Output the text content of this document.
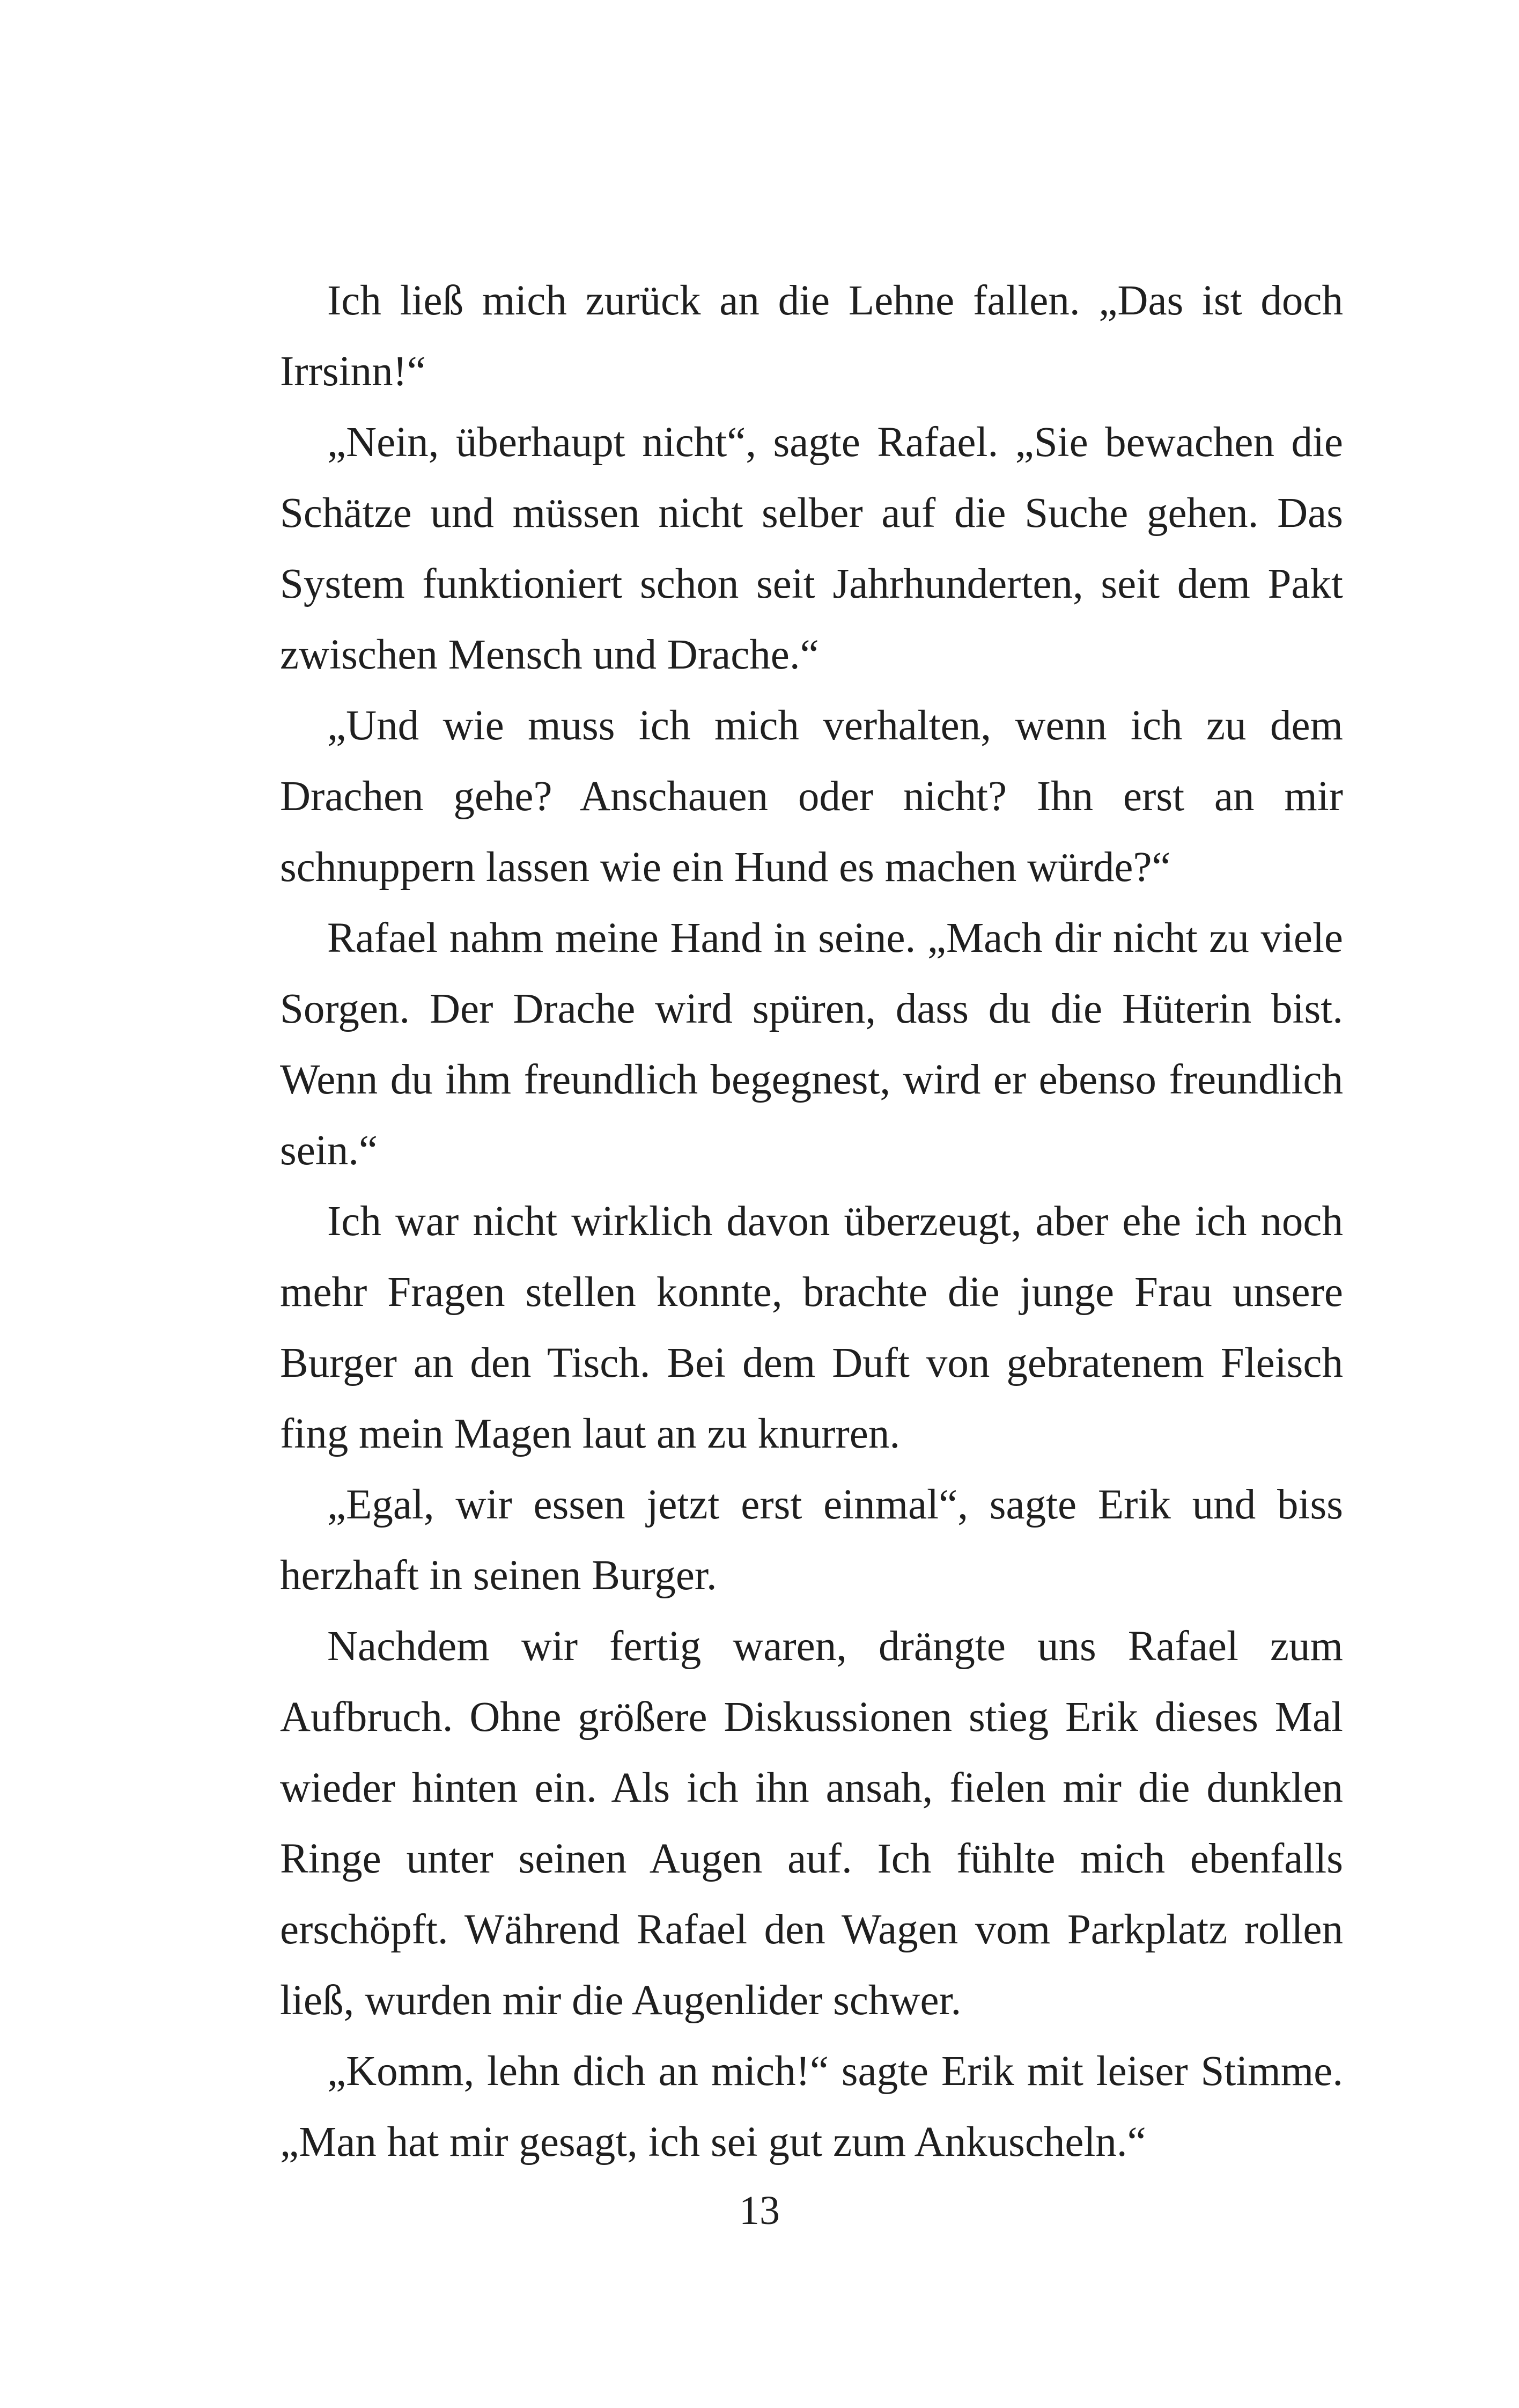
Ich ließ mich zurück an die Lehne fallen. „Das ist doch Irrsinn!“

„Nein, überhaupt nicht“, sagte Rafael. „Sie bewachen die Schätze und müssen nicht selber auf die Suche gehen. Das System funktioniert schon seit Jahrhunderten, seit dem Pakt zwischen Mensch und Drache.“

„Und wie muss ich mich verhalten, wenn ich zu dem Drachen gehe? Anschauen oder nicht? Ihn erst an mir schnuppern lassen wie ein Hund es machen würde?“

Rafael nahm meine Hand in seine. „Mach dir nicht zu viele Sorgen. Der Drache wird spüren, dass du die Hüterin bist. Wenn du ihm freundlich begegnest, wird er ebenso freundlich sein.“

Ich war nicht wirklich davon überzeugt, aber ehe ich noch mehr Fragen stellen konnte, brachte die junge Frau unsere Burger an den Tisch. Bei dem Duft von gebratenem Fleisch fing mein Magen laut an zu knurren.

„Egal, wir essen jetzt erst einmal“, sagte Erik und biss herzhaft in seinen Burger.

Nachdem wir fertig waren, drängte uns Rafael zum Aufbruch. Ohne größere Diskussionen stieg Erik dieses Mal wieder hinten ein. Als ich ihn ansah, fielen mir die dunklen Ringe unter seinen Augen auf. Ich fühlte mich ebenfalls erschöpft. Während Rafael den Wagen vom Parkplatz rollen ließ, wurden mir die Augenlider schwer.

„Komm, lehn dich an mich!“ sagte Erik mit leiser Stimme. „Man hat mir gesagt, ich sei gut zum Ankuscheln.“

13
